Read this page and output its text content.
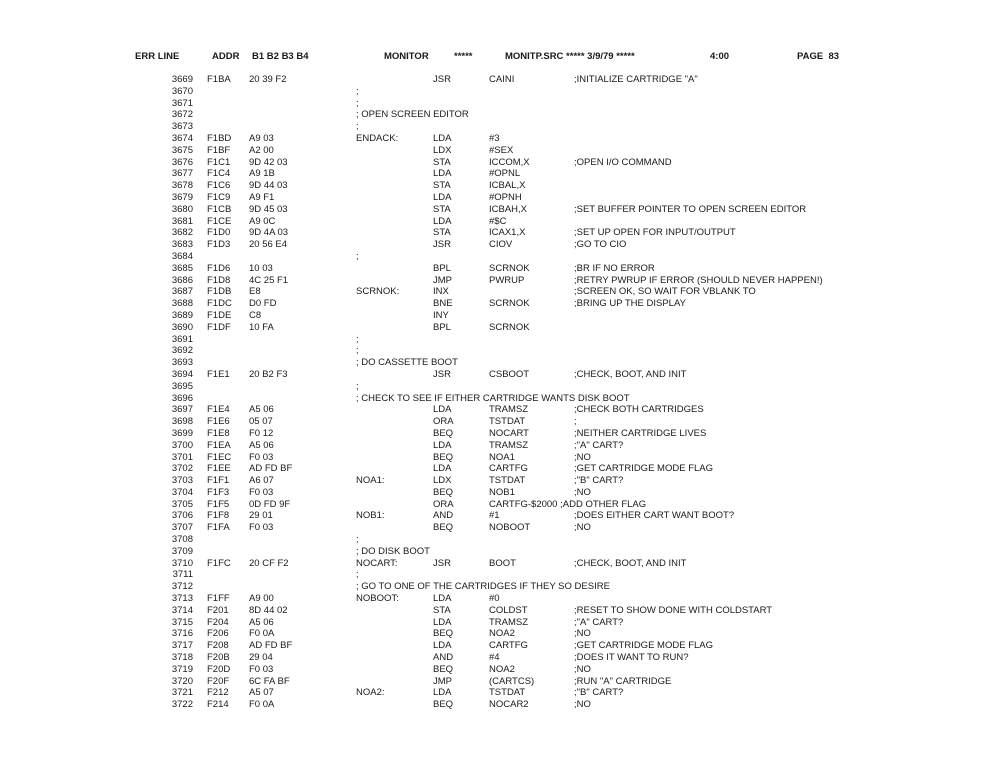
ERR LINE	ADDR B1 B2 B3 B4	MONITOR	*****	MONITP.SRC ***** 3/9/79 *****	4:00	PAGE  83
3669 F1BA 20 39 F2	JSR	CAINI	;INITIALIZE CARTRIDGE "A"
3670	;
3671	;
3672	; OPEN SCREEN EDITOR
3673	;
3674 F1BD A9 03	ENDACK:	LDA	#3
3675 F1BF A2 00	LDX	#SEX
3676 F1C1 9D 42 03	STA	ICCOM,X	;OPEN I/O COMMAND
3677 F1C4 A9 1B	LDA	#OPNL
3678 F1C6 9D 44 03	STA	ICBAL,X
3679 F1C9 A9 F1	LDA	#OPNH
3680 F1CB 9D 45 03	STA	ICBAH,X	;SET BUFFER POINTER TO OPEN SCREEN EDITOR
3681 F1CE A9 0C	LDA	#$C
3682 F1D0 9D 4A 03	STA	ICAX1,X	;SET UP OPEN FOR INPUT/OUTPUT
3683 F1D3 20 56 E4	JSR	CIOV	;GO TO CIO
3684	;
3685 F1D6 10 03	BPL	SCRNOK	;BR IF NO ERROR
3686 F1D8 4C 25 F1	JMP	PWRUP	;RETRY PWRUP IF ERROR (SHOULD NEVER HAPPEN!)
3687 F1DB E8	SCRNOK:	INX	;SCREEN OK, SO WAIT FOR VBLANK TO
3688 F1DC D0 FD	BNE	SCRNOK	;BRING UP THE DISPLAY
3689 F1DE C8	INY
3690 F1DF 10 FA	BPL	SCRNOK
3691	;
3692	;
3693	; DO CASSETTE BOOT
3694 F1E1 20 B2 F3	JSR	CSBOOT	;CHECK, BOOT, AND INIT
3695	;
3696	; CHECK TO SEE IF EITHER CARTRIDGE WANTS DISK BOOT
3697 F1E4 A5 06	LDA	TRAMSZ	;CHECK BOTH CARTRIDGES
3698 F1E6 05 07	ORA	TSTDAT	;
3699 F1E8 F0 12	BEQ	NOCART	;NEITHER CARTRIDGE LIVES
3700 F1EA A5 06	LDA	TRAMSZ	;"A" CART?
3701 F1EC F0 03	BEQ	NOA1	;NO
3702 F1EE AD FD BF	LDA	CARTFG	;GET CARTRIDGE MODE FLAG
3703 F1F1 A6 07	NOA1:	LDX	TSTDAT	;"B" CART?
3704 F1F3 F0 03	BEQ	NOB1	;NO
3705 F1F5 0D FD 9F	ORA	CARTFG-$2000 ;ADD OTHER FLAG
3706 F1F8 29 01	NOB1:	AND	#1	;DOES EITHER CART WANT BOOT?
3707 F1FA F0 03	BEQ	NOBOOT	;NO
3708	;
3709	; DO DISK BOOT
3710 F1FC 20 CF F2	NOCART:	JSR	BOOT	;CHECK, BOOT, AND INIT
3711	;
3712	; GO TO ONE OF THE CARTRIDGES IF THEY SO DESIRE
3713 F1FF A9 00	NOBOOT:	LDA	#0
3714 F201 8D 44 02	STA	COLDST	;RESET TO SHOW DONE WITH COLDSTART
3715 F204 A5 06	LDA	TRAMSZ	;"A" CART?
3716 F206 F0 0A	BEQ	NOA2	;NO
3717 F208 AD FD BF	LDA	CARTFG	;GET CARTRIDGE MODE FLAG
3718 F20B 29 04	AND	#4	;DOES IT WANT TO RUN?
3719 F20D F0 03	BEQ	NOA2	;NO
3720 F20F 6C FA BF	JMP	(CARTCS)	;RUN "A" CARTRIDGE
3721 F212 A5 07	NOA2:	LDA	TSTDAT	;"B" CART?
3722 F214 F0 0A	BEQ	NOCAR2	;NO
